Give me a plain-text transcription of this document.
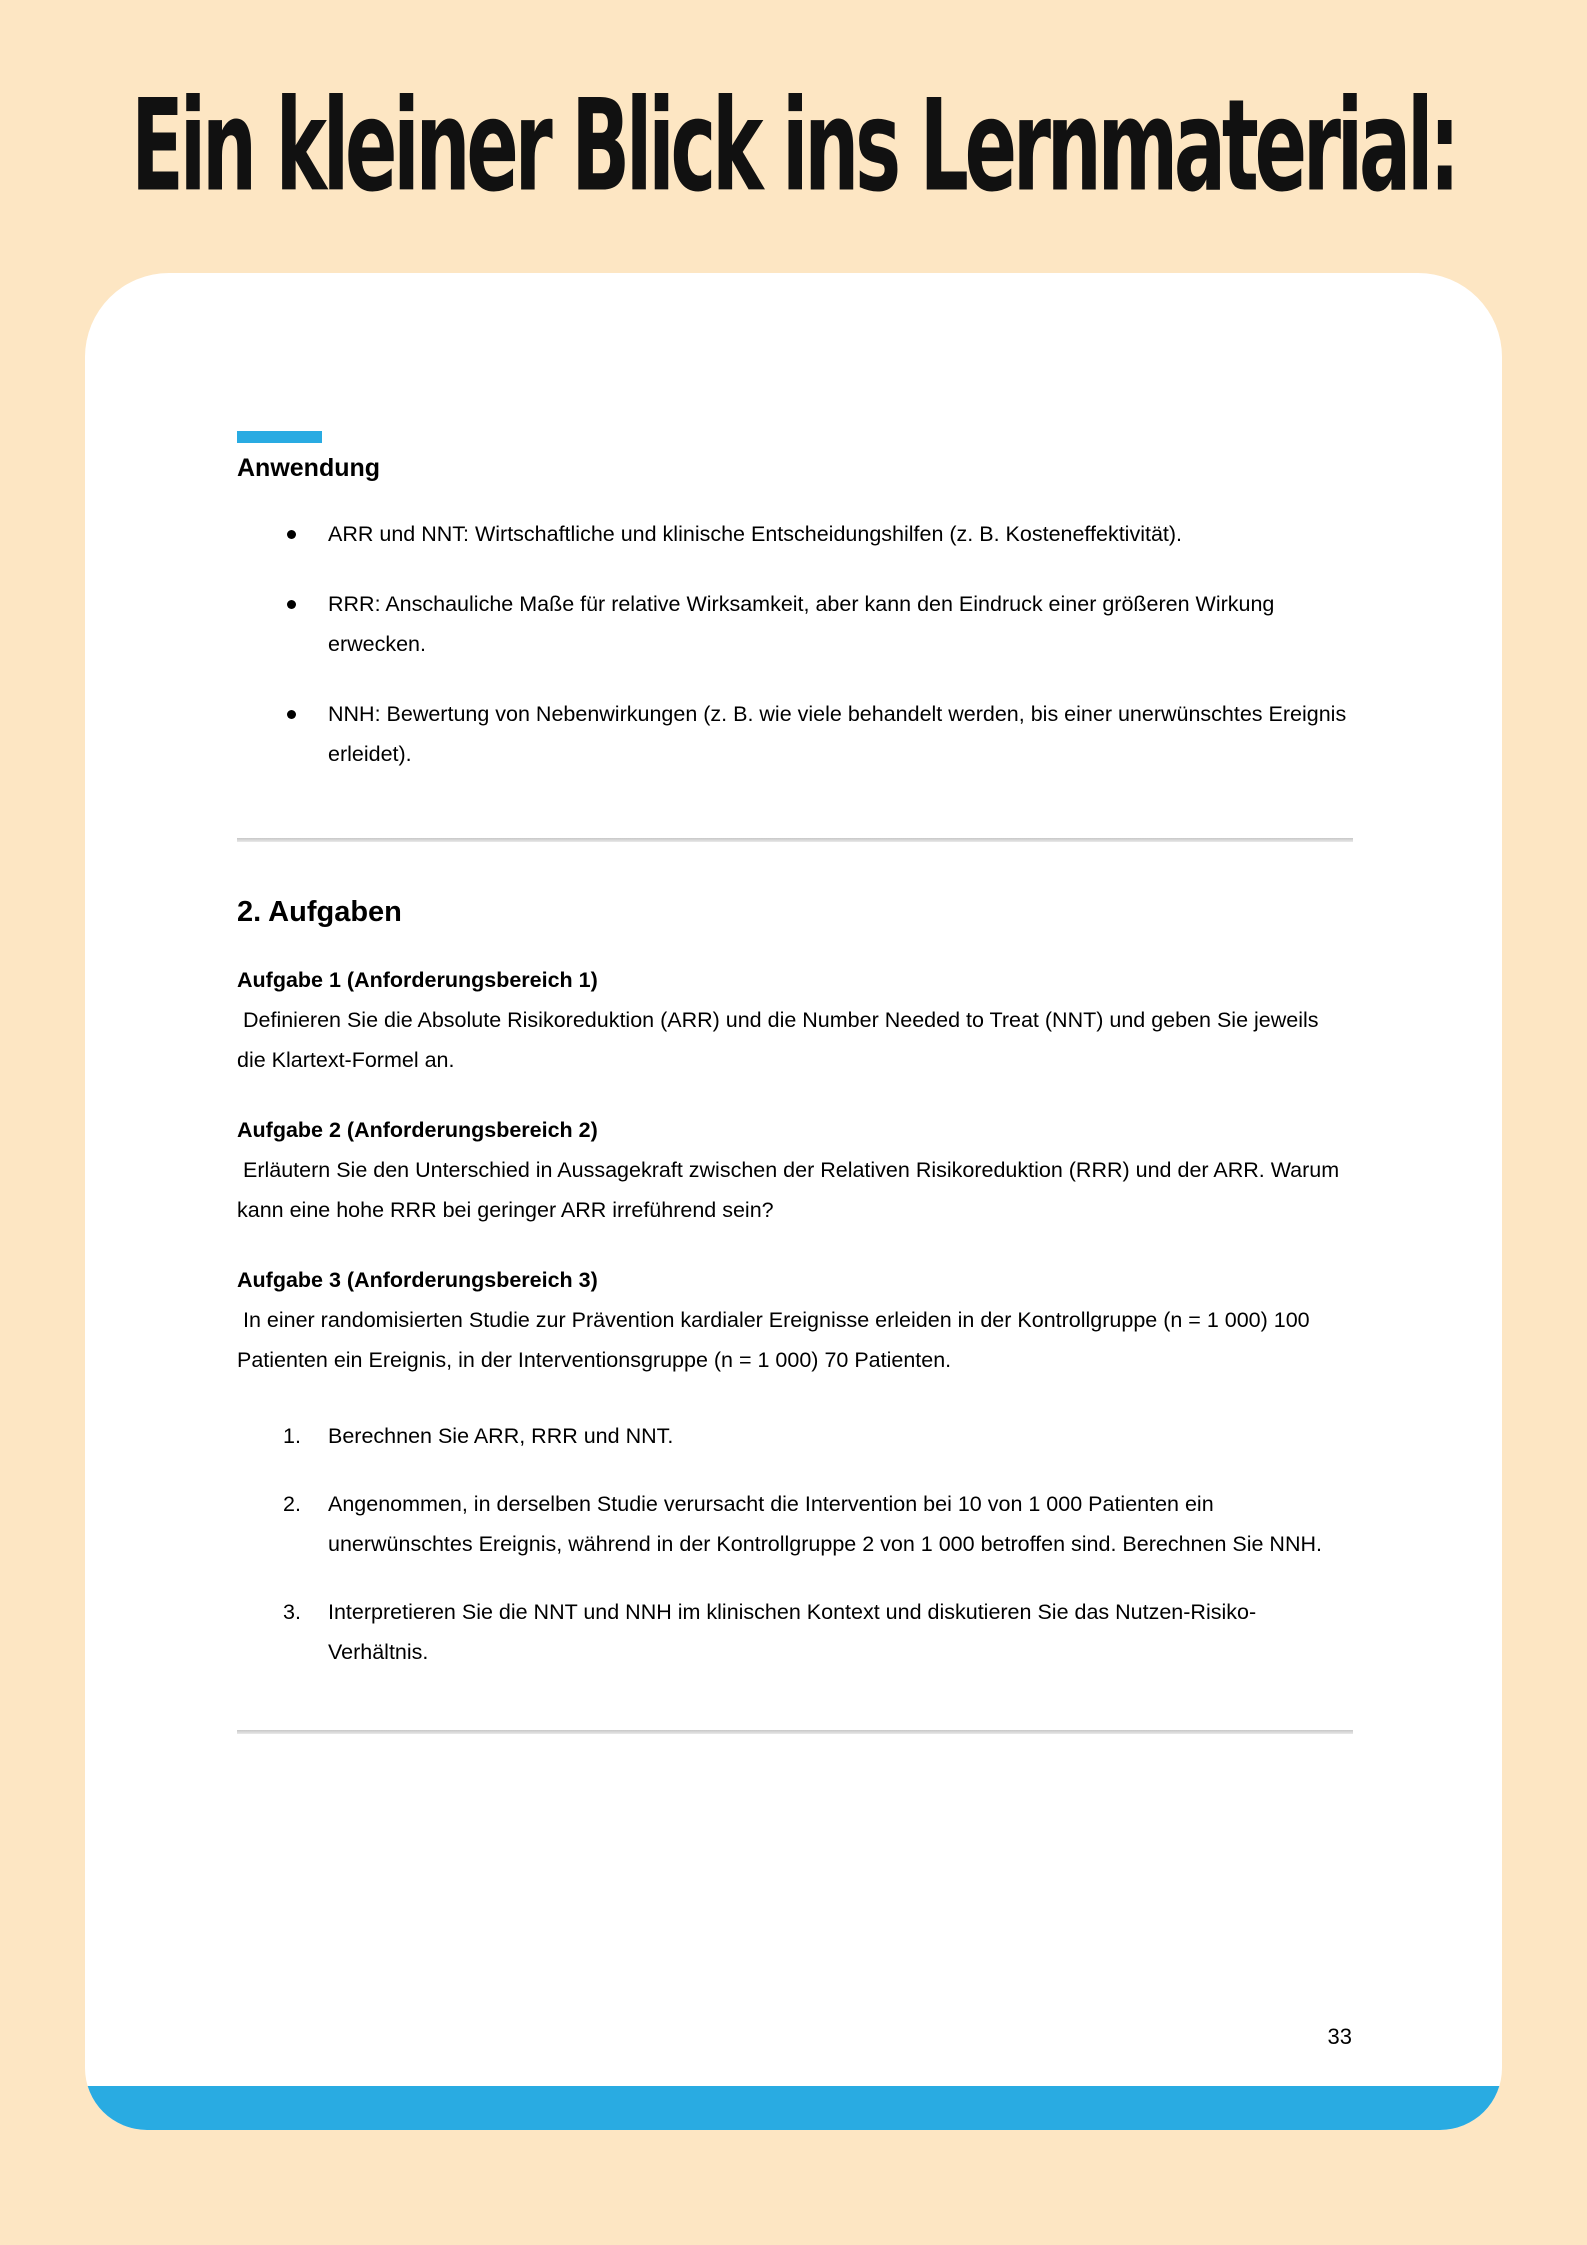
Ein kleiner Blick ins Lernmaterial:
Anwendung
ARR und NNT: Wirtschaftliche und klinische Entscheidungshilfen (z. B. Kosteneffektivität).
RRR: Anschauliche Maße für relative Wirksamkeit, aber kann den Eindruck einer größeren Wirkung erwecken.
NNH: Bewertung von Nebenwirkungen (z. B. wie viele behandelt werden, bis einer unerwünschtes Ereignis erleidet).
2. Aufgaben
Aufgabe 1 (Anforderungsbereich 1)
Definieren Sie die Absolute Risikoreduktion (ARR) und die Number Needed to Treat (NNT) und geben Sie jeweils die Klartext-Formel an.
Aufgabe 2 (Anforderungsbereich 2)
Erläutern Sie den Unterschied in Aussagekraft zwischen der Relativen Risikoreduktion (RRR) und der ARR. Warum kann eine hohe RRR bei geringer ARR irreführend sein?
Aufgabe 3 (Anforderungsbereich 3)
In einer randomisierten Studie zur Prävention kardialer Ereignisse erleiden in der Kontrollgruppe (n = 1 000) 100 Patienten ein Ereignis, in der Interventionsgruppe (n = 1 000) 70 Patienten.
1. Berechnen Sie ARR, RRR und NNT.
2. Angenommen, in derselben Studie verursacht die Intervention bei 10 von 1 000 Patienten ein unerwünschtes Ereignis, während in der Kontrollgruppe 2 von 1 000 betroffen sind. Berechnen Sie NNH.
3. Interpretieren Sie die NNT und NNH im klinischen Kontext und diskutieren Sie das Nutzen-Risiko-Verhältnis.
33
